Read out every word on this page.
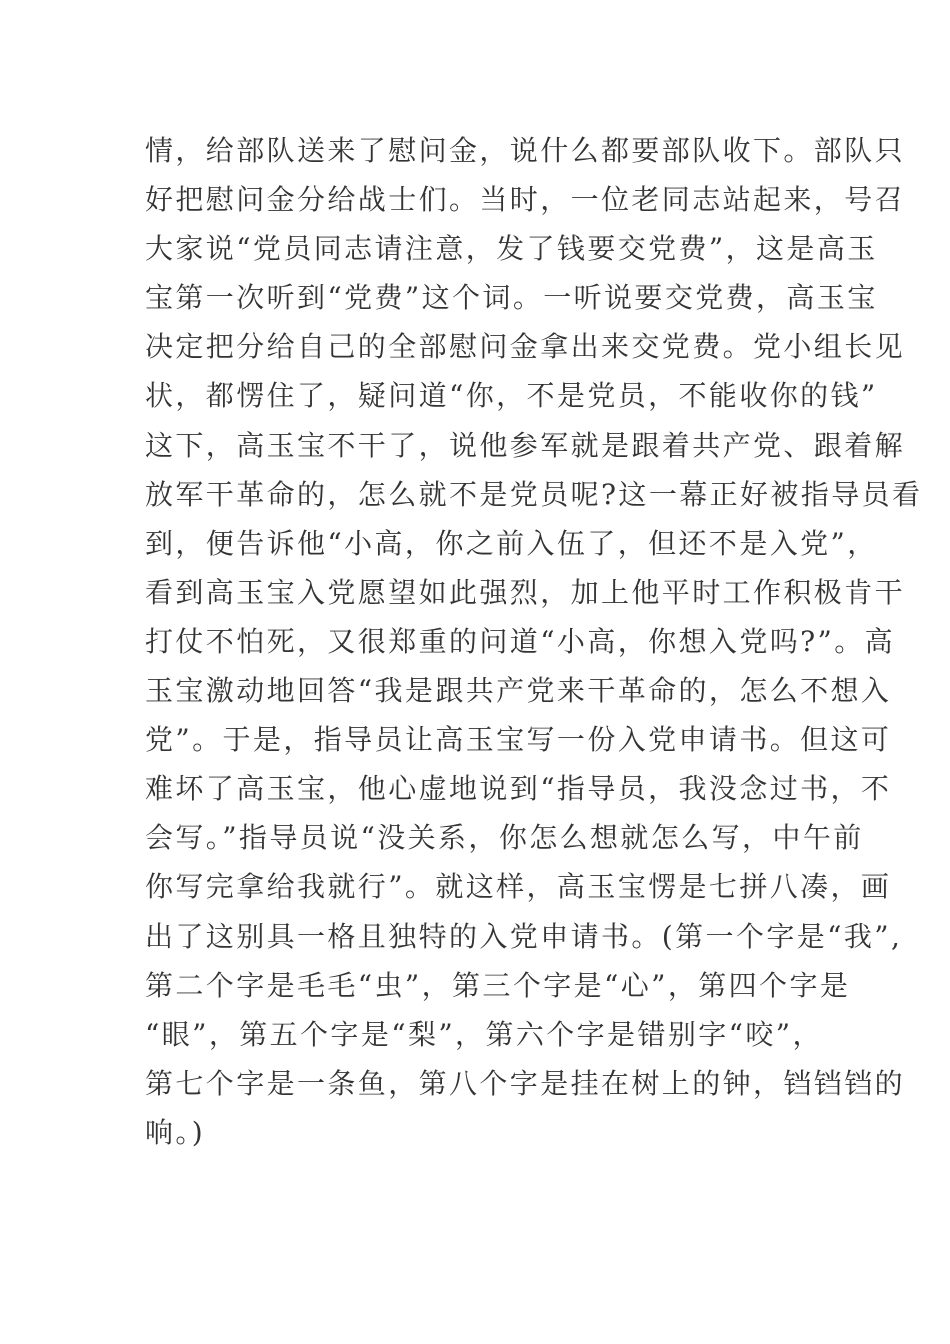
情，给部队送来了慰问金，说什么都要部队收下。部队只
好把慰问金分给战士们。当时，一位老同志站起来，号召
大家说“党员同志请注意，发了钱要交党费”，这是高玉
宝第一次听到“党费”这个词。一听说要交党费，高玉宝
决定把分给自己的全部慰问金拿出来交党费。党小组长见
状，都愣住了，疑问道“你，不是党员，不能收你的钱”
这下，高玉宝不干了，说他参军就是跟着共产党、跟着解
放军干革命的，怎么就不是党员呢?这一幕正好被指导员看
到，便告诉他“小高，你之前入伍了，但还不是入党”，
看到高玉宝入党愿望如此强烈，加上他平时工作积极肯干
打仗不怕死，又很郑重的问道“小高，你想入党吗?”。高
玉宝激动地回答“我是跟共产党来干革命的，怎么不想入
党”。于是，指导员让高玉宝写一份入党申请书。但这可
难坏了高玉宝，他心虚地说到“指导员，我没念过书，不
会写。”指导员说“没关系，你怎么想就怎么写，中午前
你写完拿给我就行”。就这样，高玉宝愣是七拼八凑，画
出了这别具一格且独特的入党申请书。(第一个字是“我”,
第二个字是毛毛“虫”，第三个字是“心”，第四个字是
“眼”，第五个字是“梨”，第六个字是错别字“咬”，
第七个字是一条鱼，第八个字是挂在树上的钟，铛铛铛的
响。)
